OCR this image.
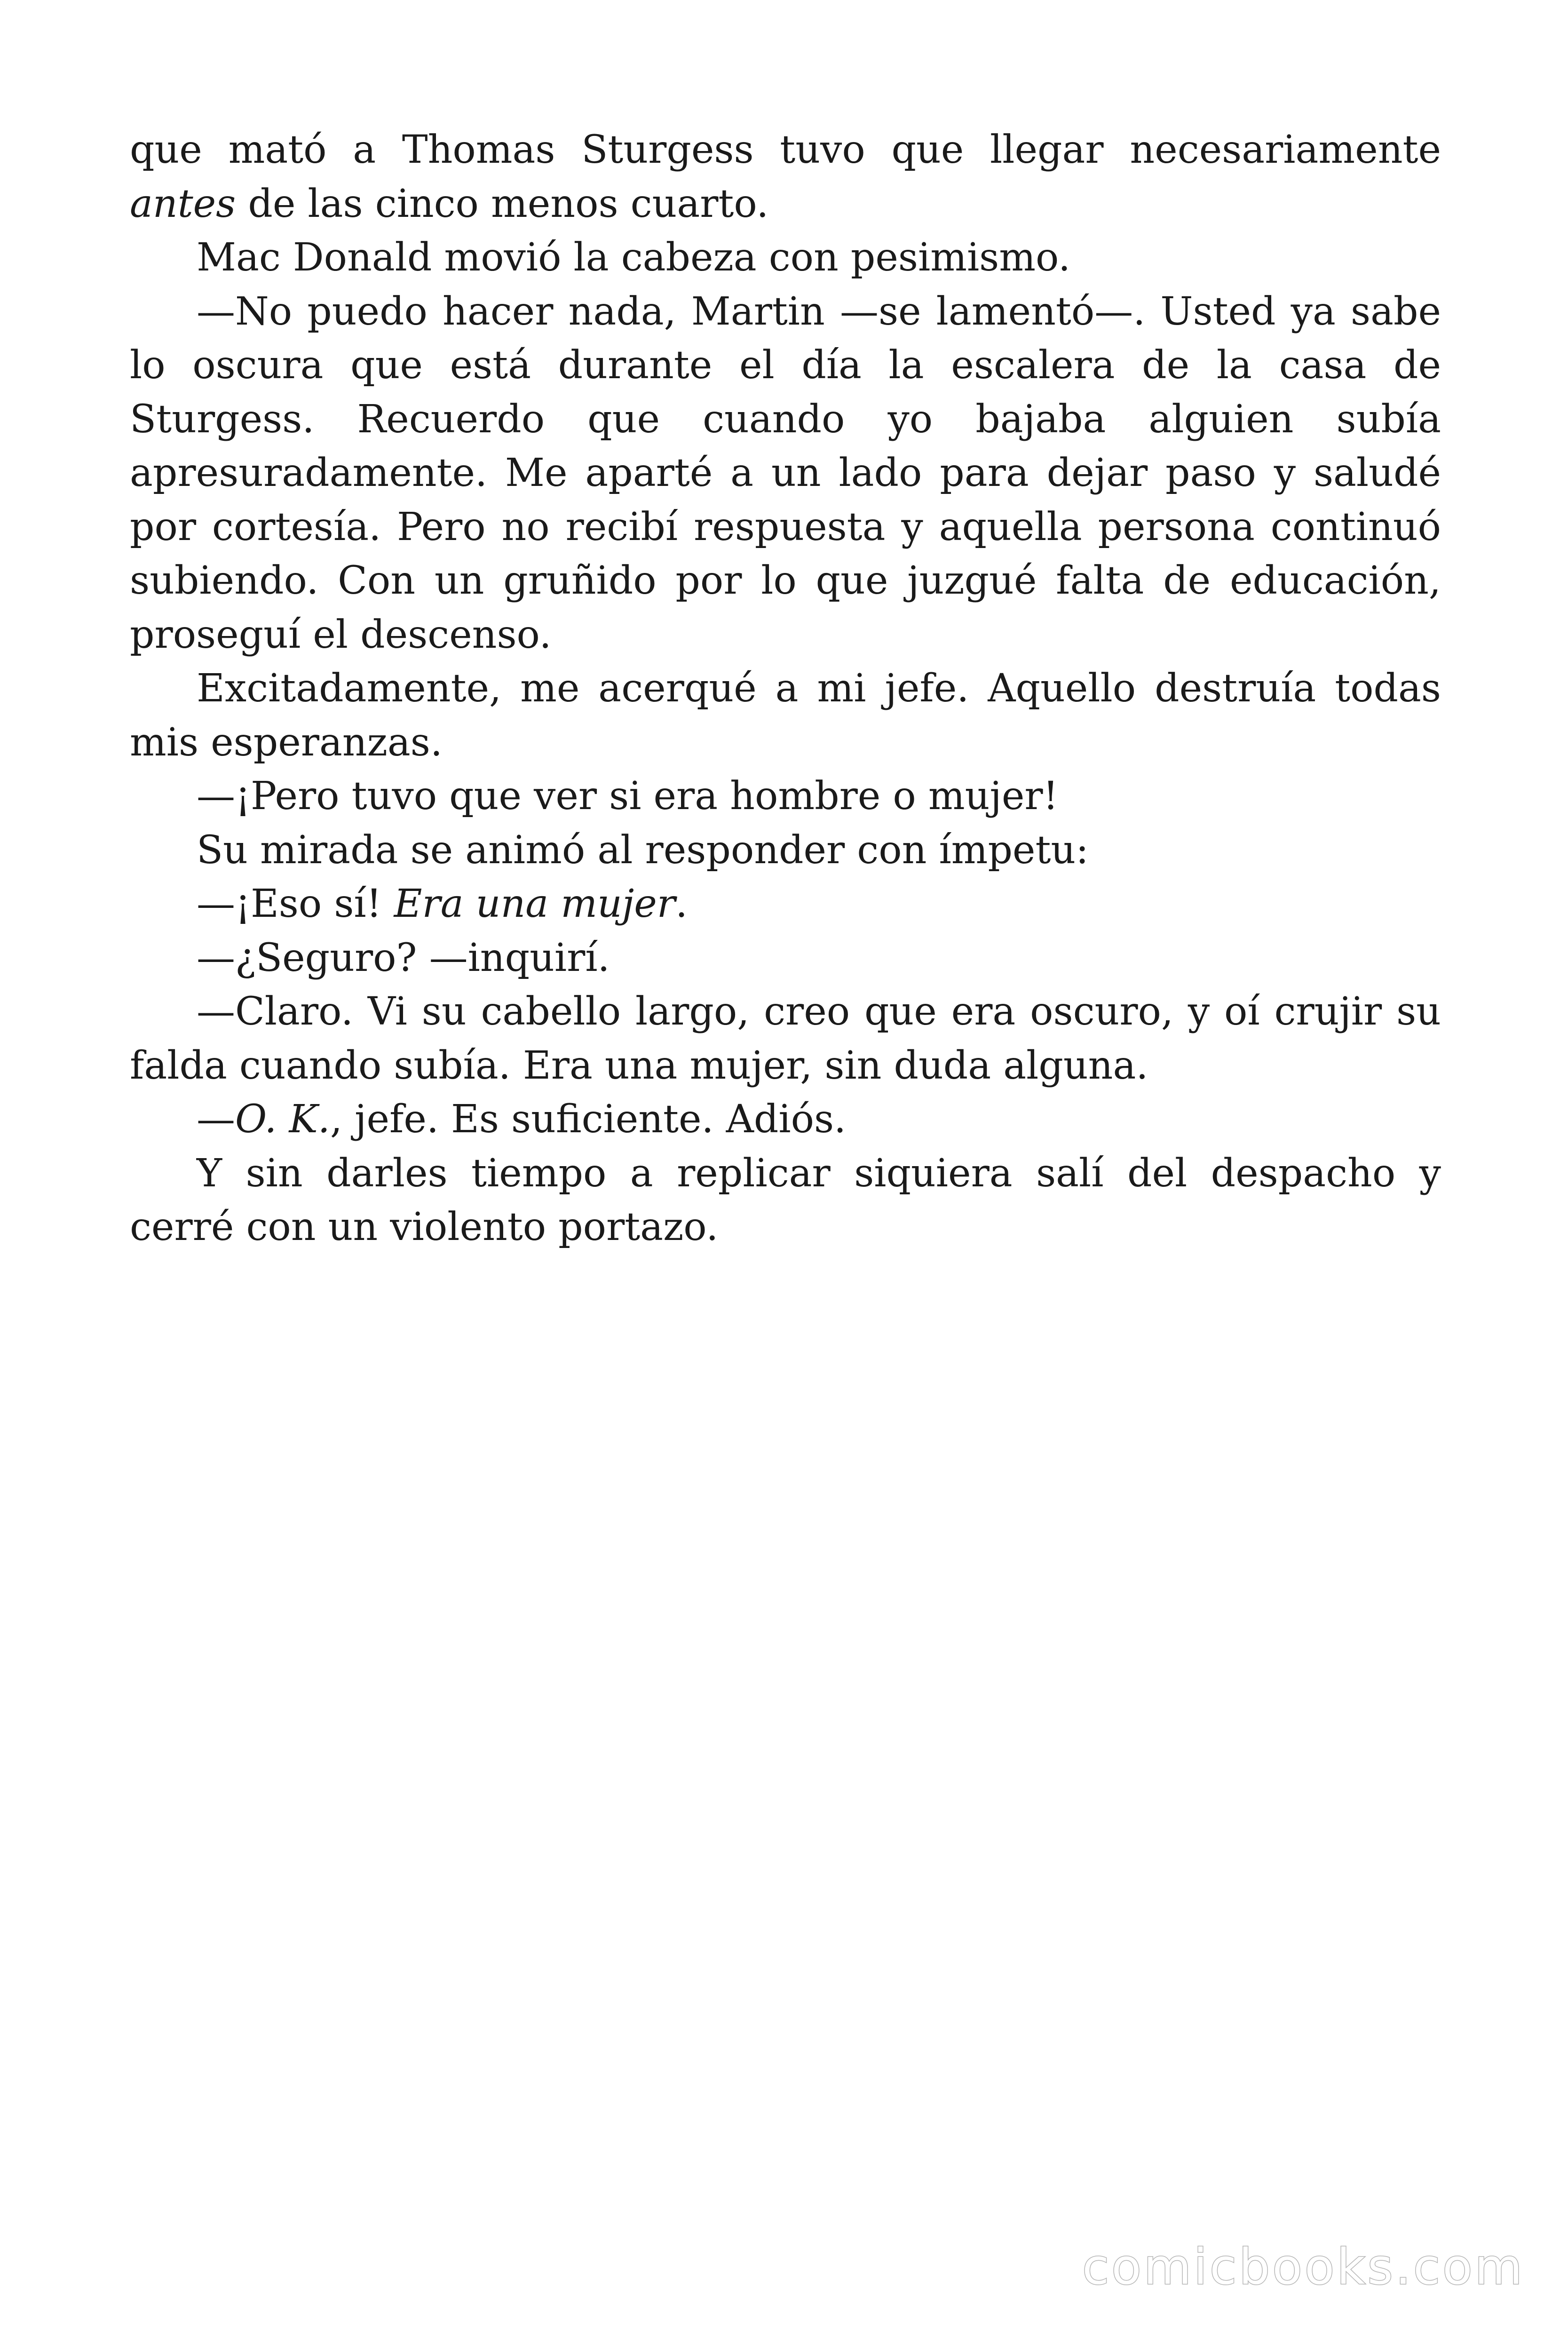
que mató a Thomas Sturgess tuvo que llegar necesariamente antes de las cinco menos cuarto.

Mac Donald movió la cabeza con pesimismo.

—No puedo hacer nada, Martin —se lamentó—. Usted ya sabe lo oscura que está durante el día la escalera de la casa de Sturgess. Recuerdo que cuando yo bajaba alguien subía apresuradamente. Me aparté a un lado para dejar paso y saludé por cortesía. Pero no recibí respuesta y aquella persona continuó subiendo. Con un gruñido por lo que juzgué falta de educación, proseguí el descenso.

Excitadamente, me acerqué a mi jefe. Aquello destruía todas mis esperanzas.

—¡Pero tuvo que ver si era hombre o mujer!

Su mirada se animó al responder con ímpetu:

—¡Eso sí! Era una mujer.

—¿Seguro? —inquirí.

—Claro. Vi su cabello largo, creo que era oscuro, y oí crujir su falda cuando subía. Era una mujer, sin duda alguna.

—O. K., jefe. Es suficiente. Adiós.

Y sin darles tiempo a replicar siquiera salí del despacho y cerré con un violento portazo.

comicbooks.com
